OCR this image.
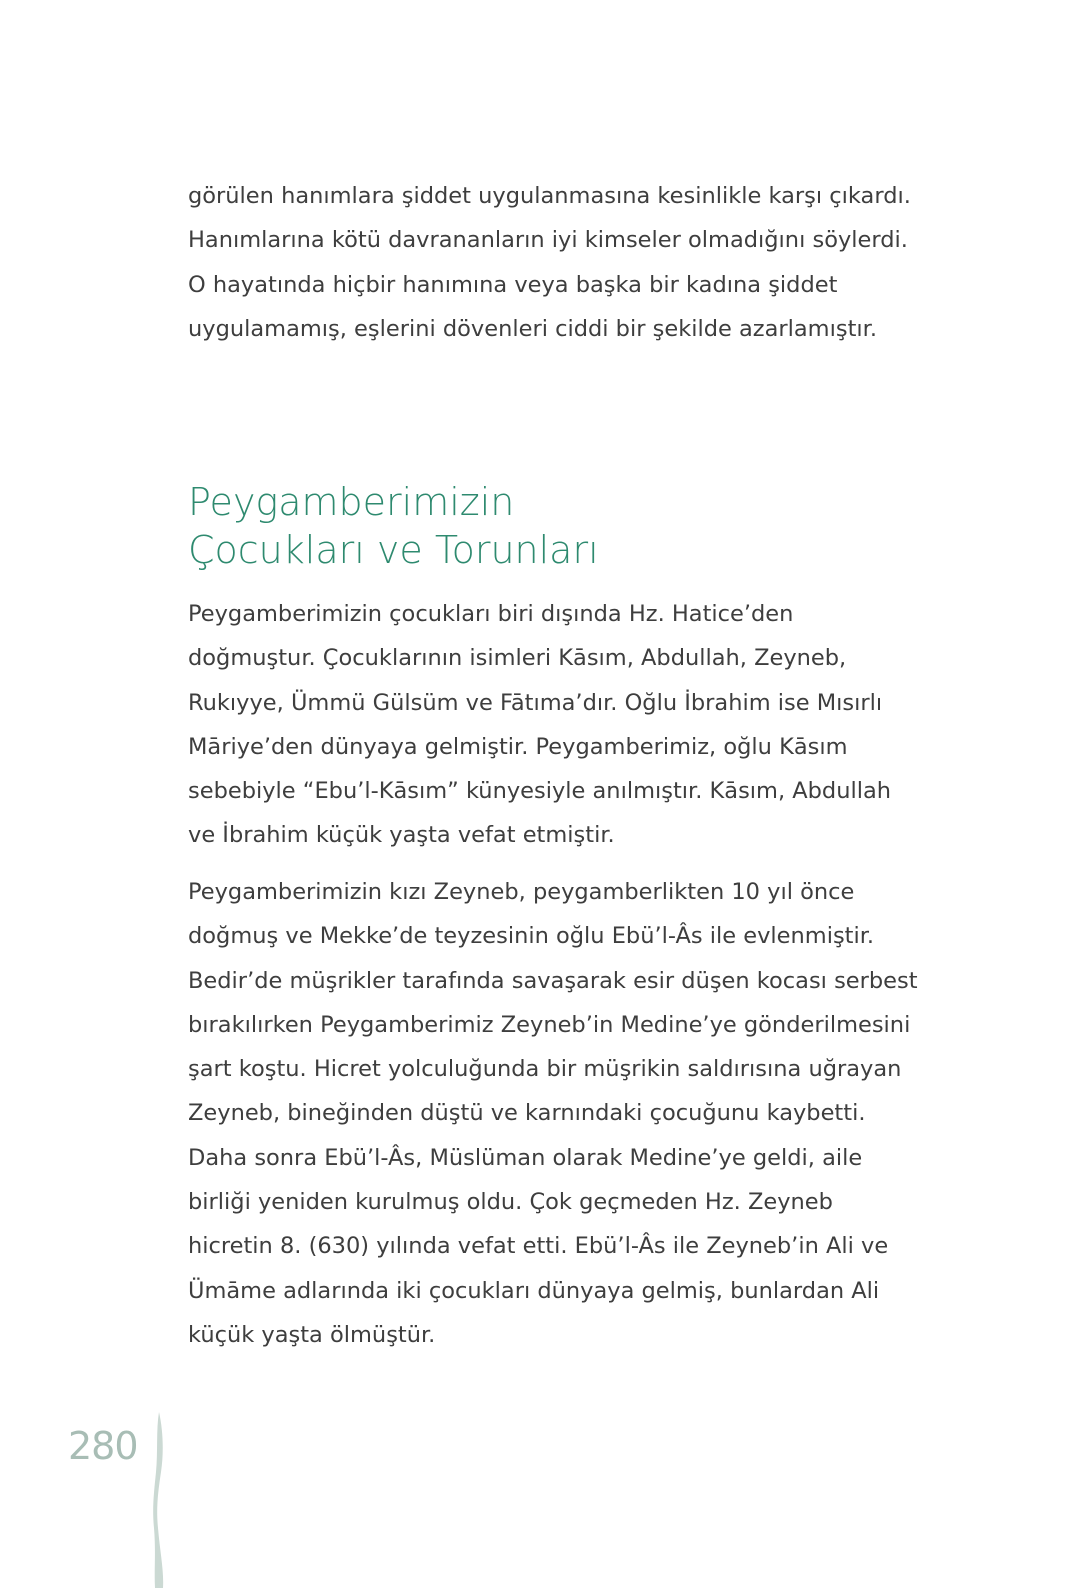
görülen hanımlara şiddet uygulanmasına kesinlikle karşı çıkardı.
Hanımlarına kötü davrananların iyi kimseler olmadığını söylerdi.
O hayatında hiçbir hanımına veya başka bir kadına şiddet
uygulamamış, eşlerini dövenleri ciddi bir şekilde azarlamıştır.
Peygamberimizin
Çocukları ve Torunları
Peygamberimizin çocukları biri dışında Hz. Hatice’den
doğmuştur. Çocuklarının isimleri Kāsım, Abdullah, Zeyneb,
Rukıyye, Ümmü Gülsüm ve Fātıma’dır. Oğlu İbrahim ise Mısırlı
Māriye’den dünyaya gelmiştir. Peygamberimiz, oğlu Kāsım
sebebiyle “Ebu’l-Kāsım” künyesiyle anılmıştır. Kāsım, Abdullah
ve İbrahim küçük yaşta vefat etmiştir.
Peygamberimizin kızı Zeyneb, peygamberlikten 10 yıl önce
doğmuş ve Mekke’de teyzesinin oğlu Ebü’l-Âs ile evlenmiştir.
Bedir’de müşrikler tarafında savaşarak esir düşen kocası serbest
bırakılırken Peygamberimiz Zeyneb’in Medine’ye gönderilmesini
şart koştu. Hicret yolculuğunda bir müşrikin saldırısına uğrayan
Zeyneb, bineğinden düştü ve karnındaki çocuğunu kaybetti.
Daha sonra Ebü’l-Âs, Müslüman olarak Medine’ye geldi, aile
birliği yeniden kurulmuş oldu. Çok geçmeden Hz. Zeyneb
hicretin 8. (630) yılında vefat etti. Ebü’l-Âs ile Zeyneb’in Ali ve
Ümāme adlarında iki çocukları dünyaya gelmiş, bunlardan Ali
küçük yaşta ölmüştür.
280
